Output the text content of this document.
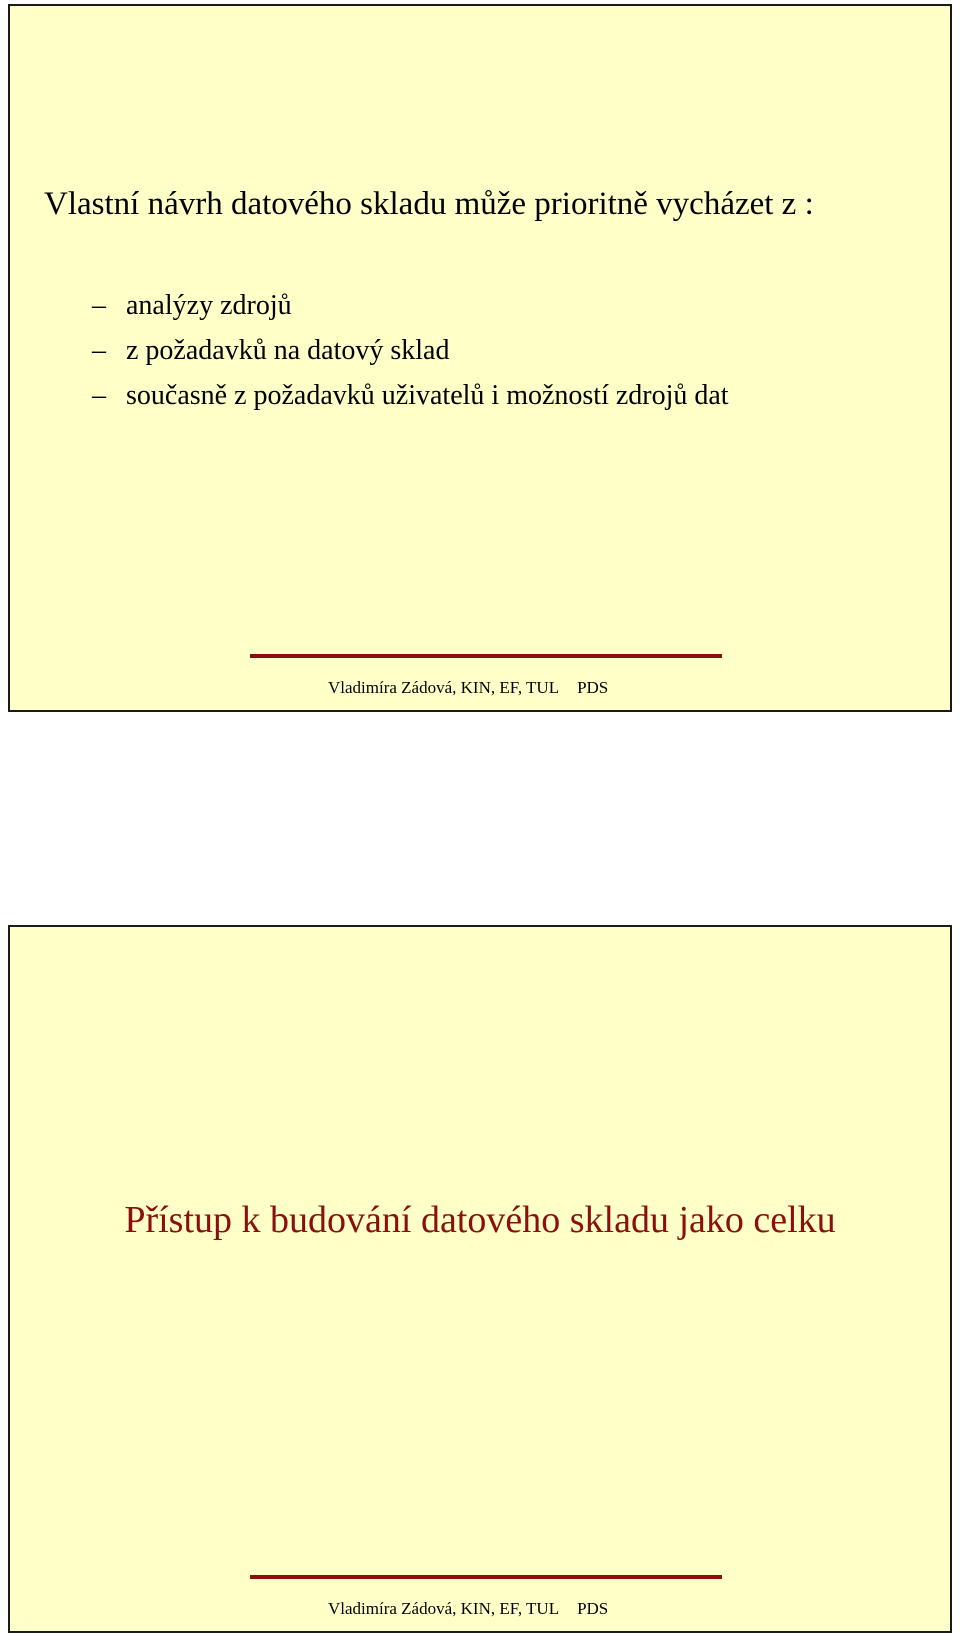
Vlastní návrh datového skladu může prioritně vycházet z :
– analýzy zdrojů
– z požadavků na datový sklad
– současně z požadavků uživatelů i možností zdrojů dat
Vladimíra Zádová, KIN, EF, TUL PDS
Přístup k budování datového skladu jako celku
Vladimíra Zádová, KIN, EF, TUL PDS
